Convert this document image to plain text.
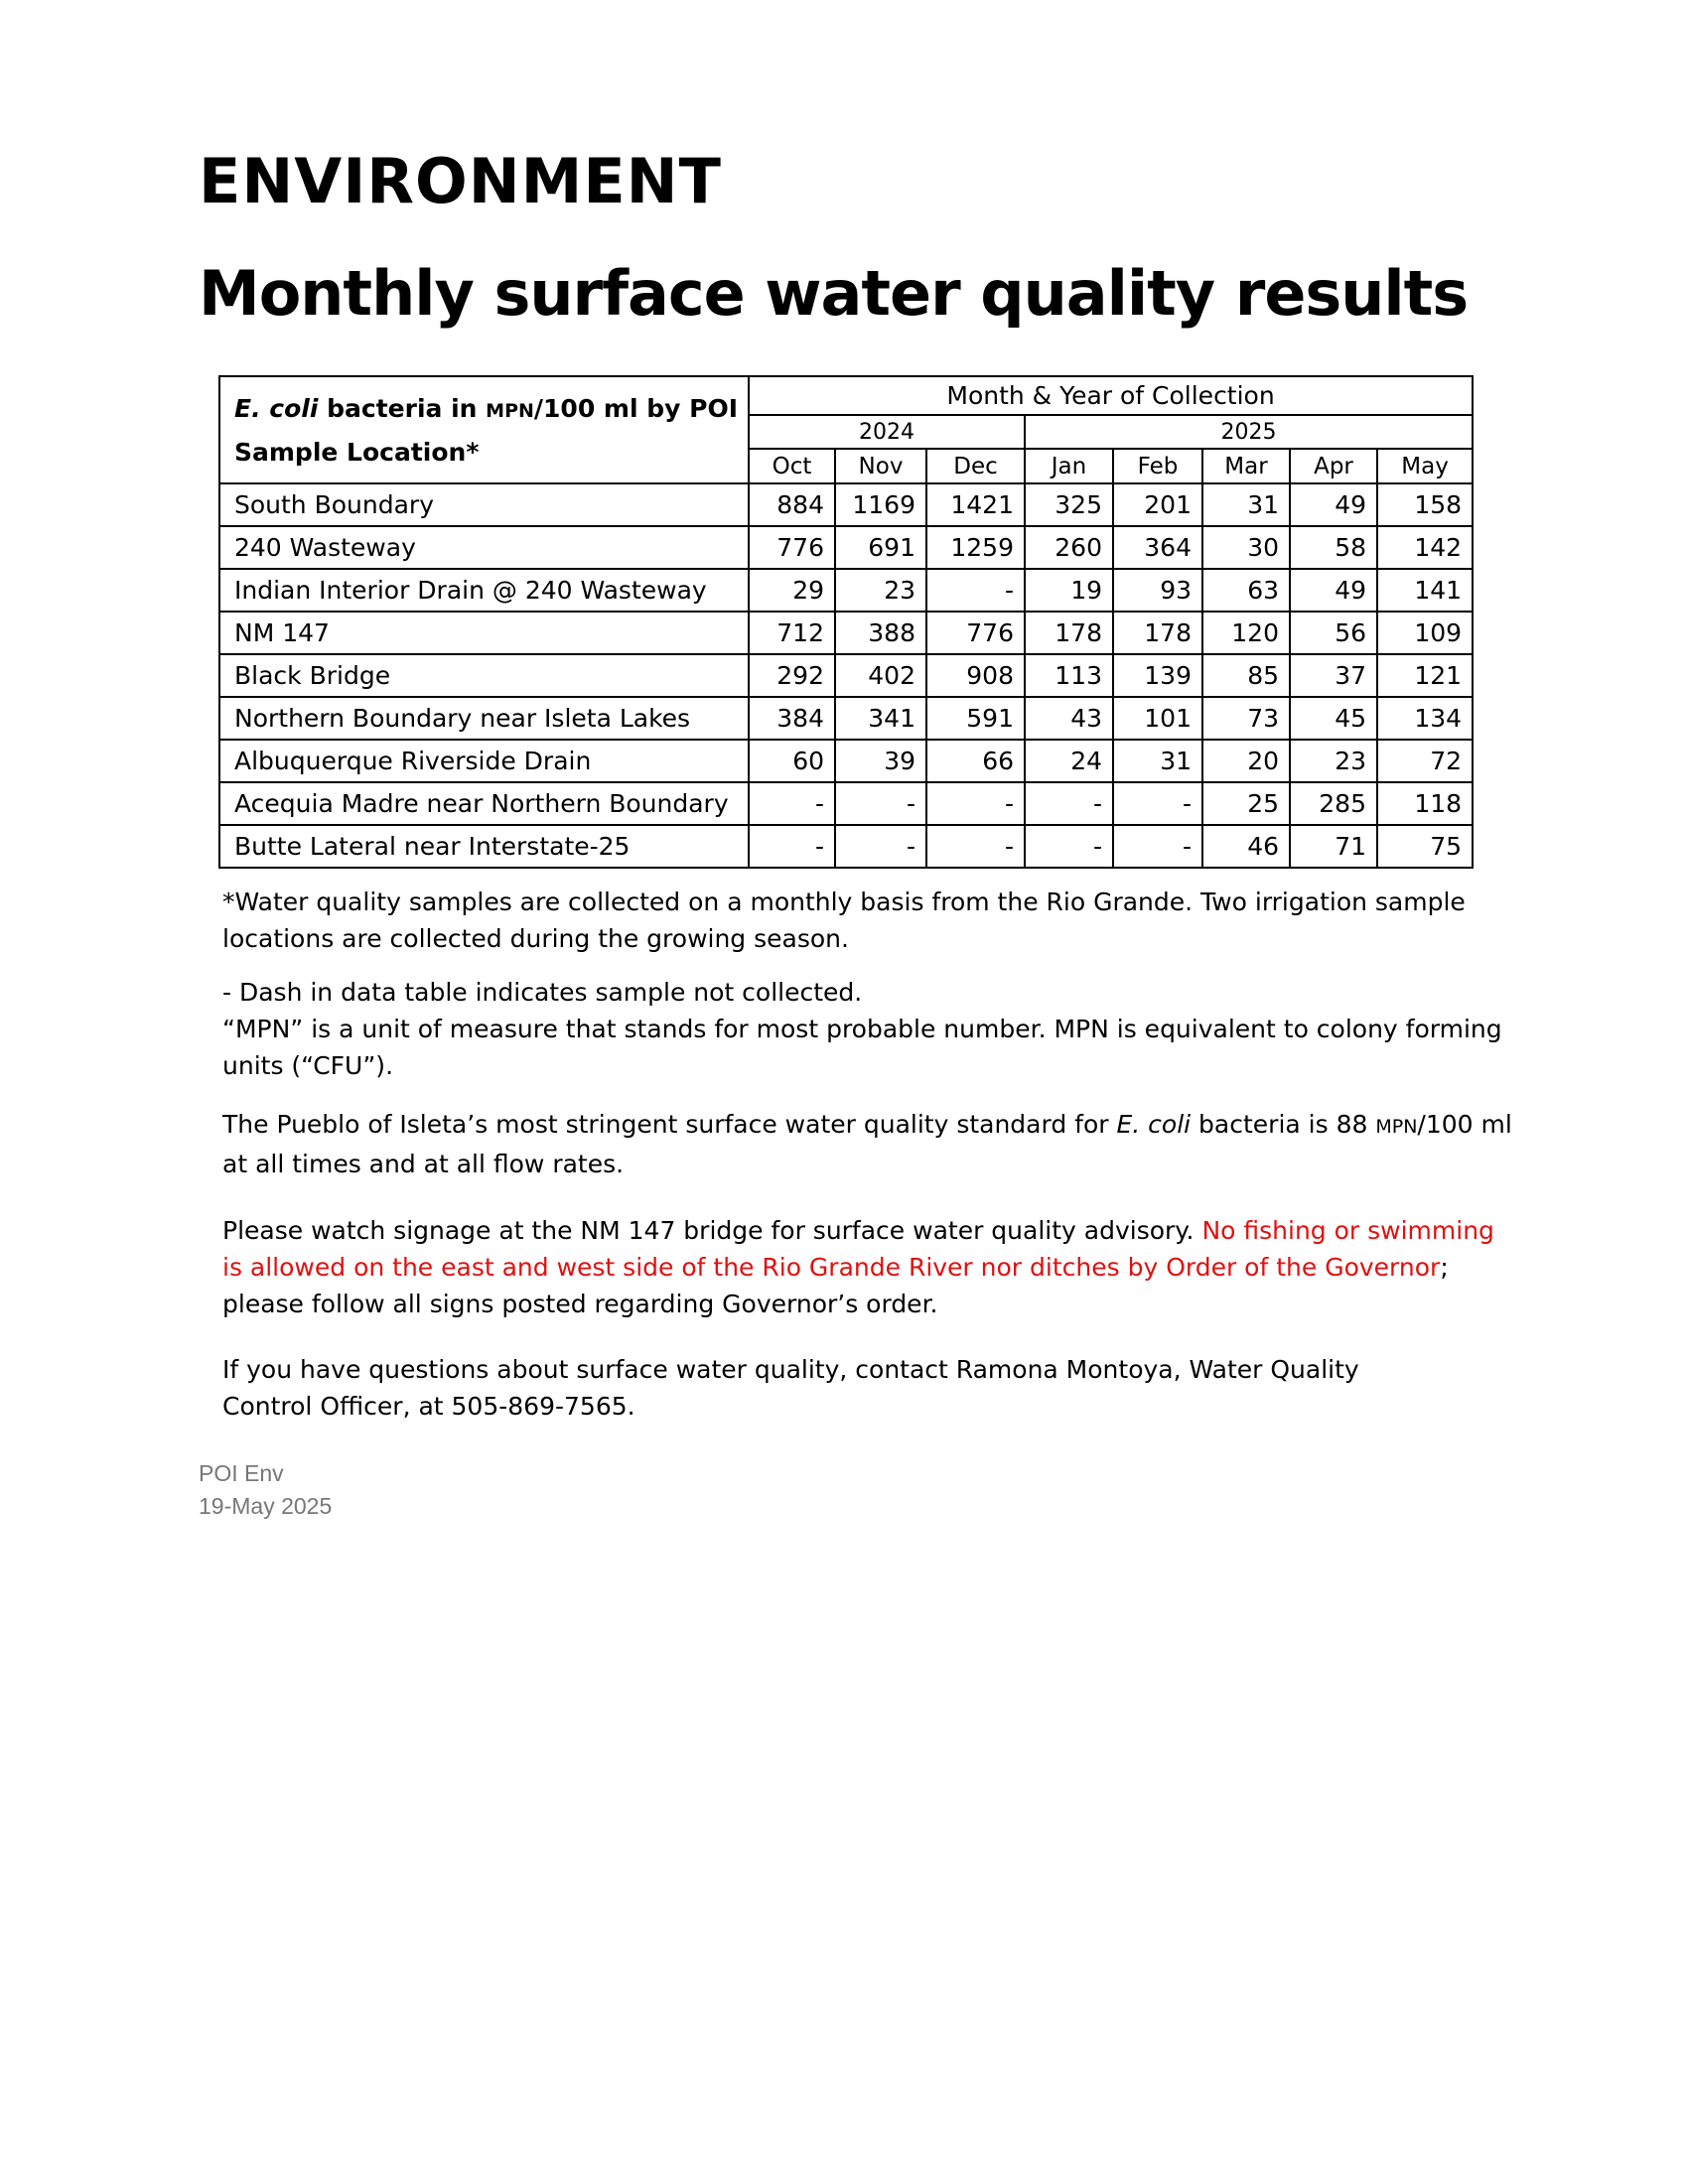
ENVIRONMENT
Monthly surface water quality results
E. coli bacteria in MPN/100 ml by POI
Sample Location*	Month & Year of Collection							
	2024			2025				
	Oct	Nov	Dec	Jan	Feb	Mar	Apr	May
South Boundary	884	1169	1421	325	201	31	49	158
240 Wasteway	776	691	1259	260	364	30	58	142
Indian Interior Drain @ 240 Wasteway	29	23	-	19	93	63	49	141
NM 147	712	388	776	178	178	120	56	109
Black Bridge	292	402	908	113	139	85	37	121
Northern Boundary near Isleta Lakes	384	341	591	43	101	73	45	134
Albuquerque Riverside Drain	60	39	66	24	31	20	23	72
Acequia Madre near Northern Boundary	-	-	-	-	-	25	285	118
Butte Lateral near Interstate-25	-	-	-	-	-	46	71	75

*Water quality samples are collected on a monthly basis from the Rio Grande. Two irrigation sample locations are collected during the growing season.

- Dash in data table indicates sample not collected.

“MPN” is a unit of measure that stands for most probable number. MPN is equivalent to colony forming units (“CFU”).

The Pueblo of Isleta’s most stringent surface water quality standard for E. coli bacteria is 88 MPN/100 ml at all times and at all flow rates.

Please watch signage at the NM 147 bridge for surface water quality advisory. No fishing or swimming is allowed on the east and west side of the Rio Grande River nor ditches by Order of the Governor; please follow all signs posted regarding Governor’s order.

If you have questions about surface water quality, contact Ramona Montoya, Water Quality

Control Officer, at 505-869-7565.

POI Env
19-May 2025
